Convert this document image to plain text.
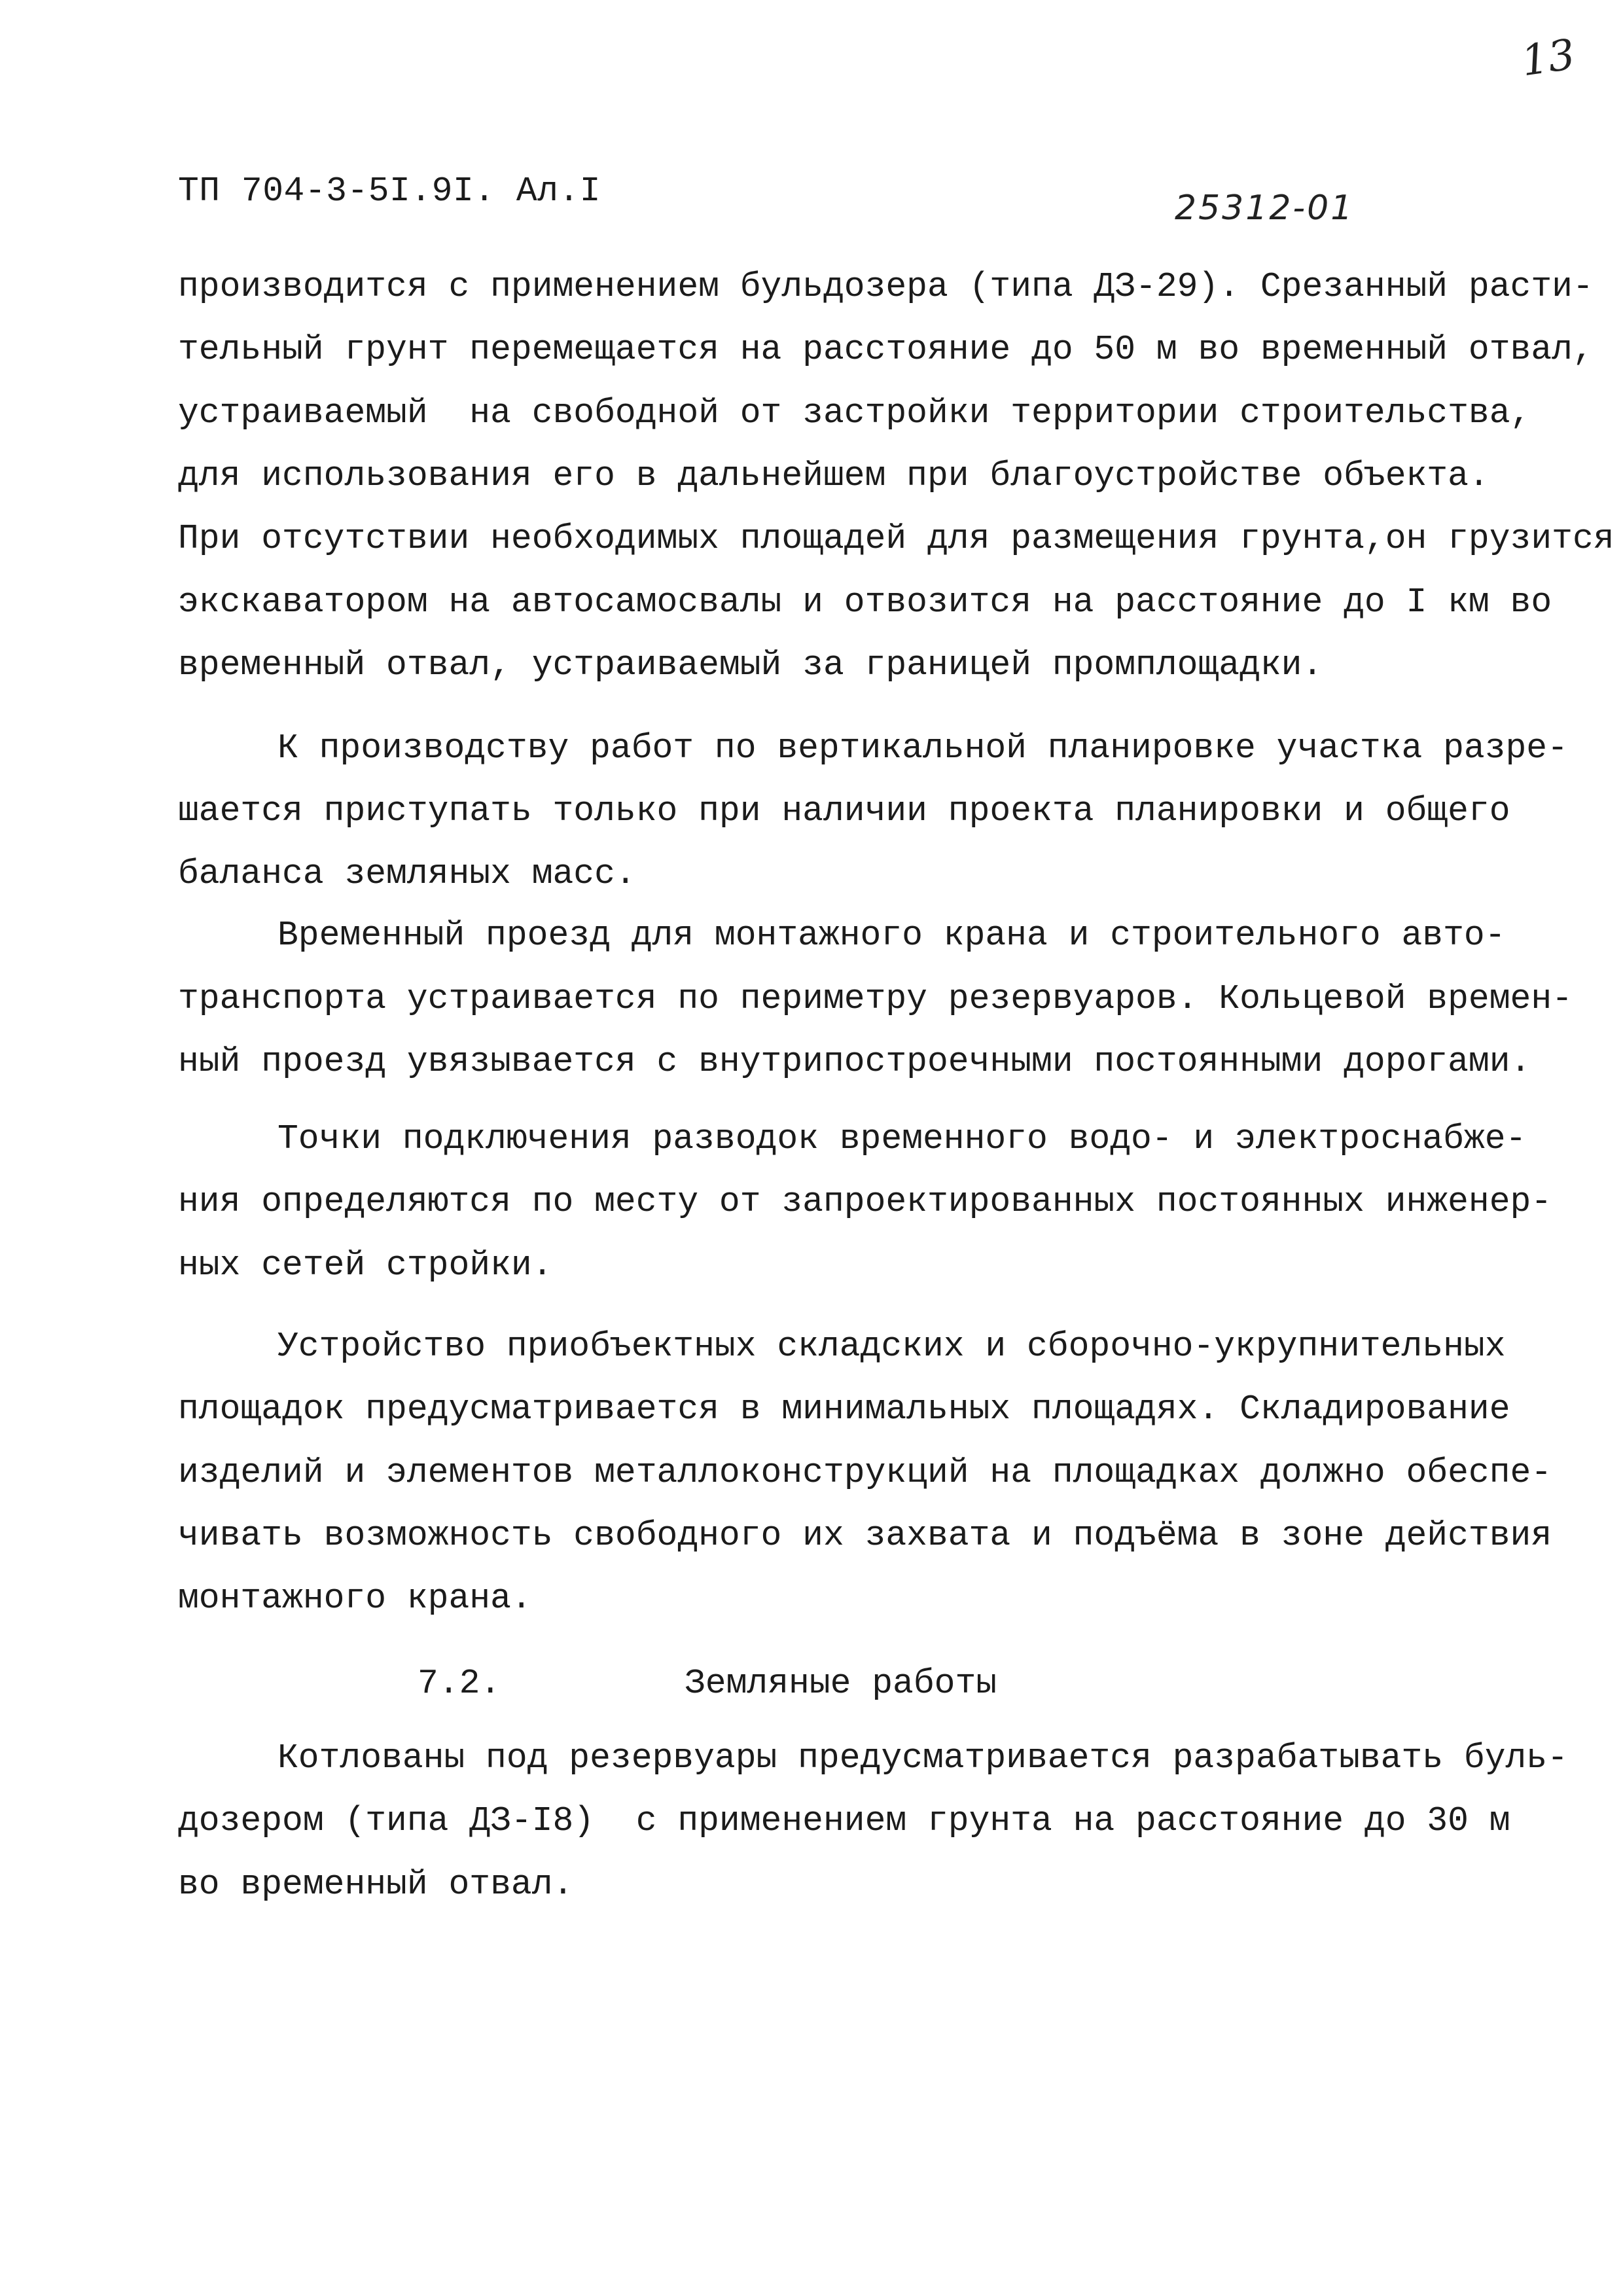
13
ТП 704-3-5I.9I. Ал.I	25312-01
производится с применением бульдозера (типа ДЗ-29). Срезанный расти-
тельный грунт перемещается на расстояние до 50 м во временный отвал,
устраиваемый  на свободной от застройки территории строительства,
для использования его в дальнейшем при благоустройстве объекта.
При отсутствии необходимых площадей для размещения грунта,он грузится
экскаватором на автосамосвалы и отвозится на расстояние до I км во
временный отвал, устраиваемый за границей промплощадки.
К производству работ по вертикальной планировке участка разре-
шается приступать только при наличии проекта планировки и общего
баланса земляных масс.
Временный проезд для монтажного крана и строительного авто-
транспорта устраивается по периметру резервуаров. Кольцевой времен-
ный проезд увязывается с внутрипостроечными постоянными дорогами.
Точки подключения разводок временного водо- и электроснабже-
ния определяются по месту от запроектированных постоянных инженер-
ных сетей стройки.
Устройство приобъектных складских и сборочно-укрупнительных
площадок предусматривается в минимальных площадях. Складирование
изделий и элементов металлоконструкций на площадках должно обеспе-
чивать возможность свободного их захвата и подъёма в зоне действия
монтажного крана.
7.2.	Земляные работы
Котлованы под резервуары предусматривается разрабатывать буль-
дозером (типа ДЗ-I8)  с применением грунта на расстояние до 30 м
во временный отвал.
